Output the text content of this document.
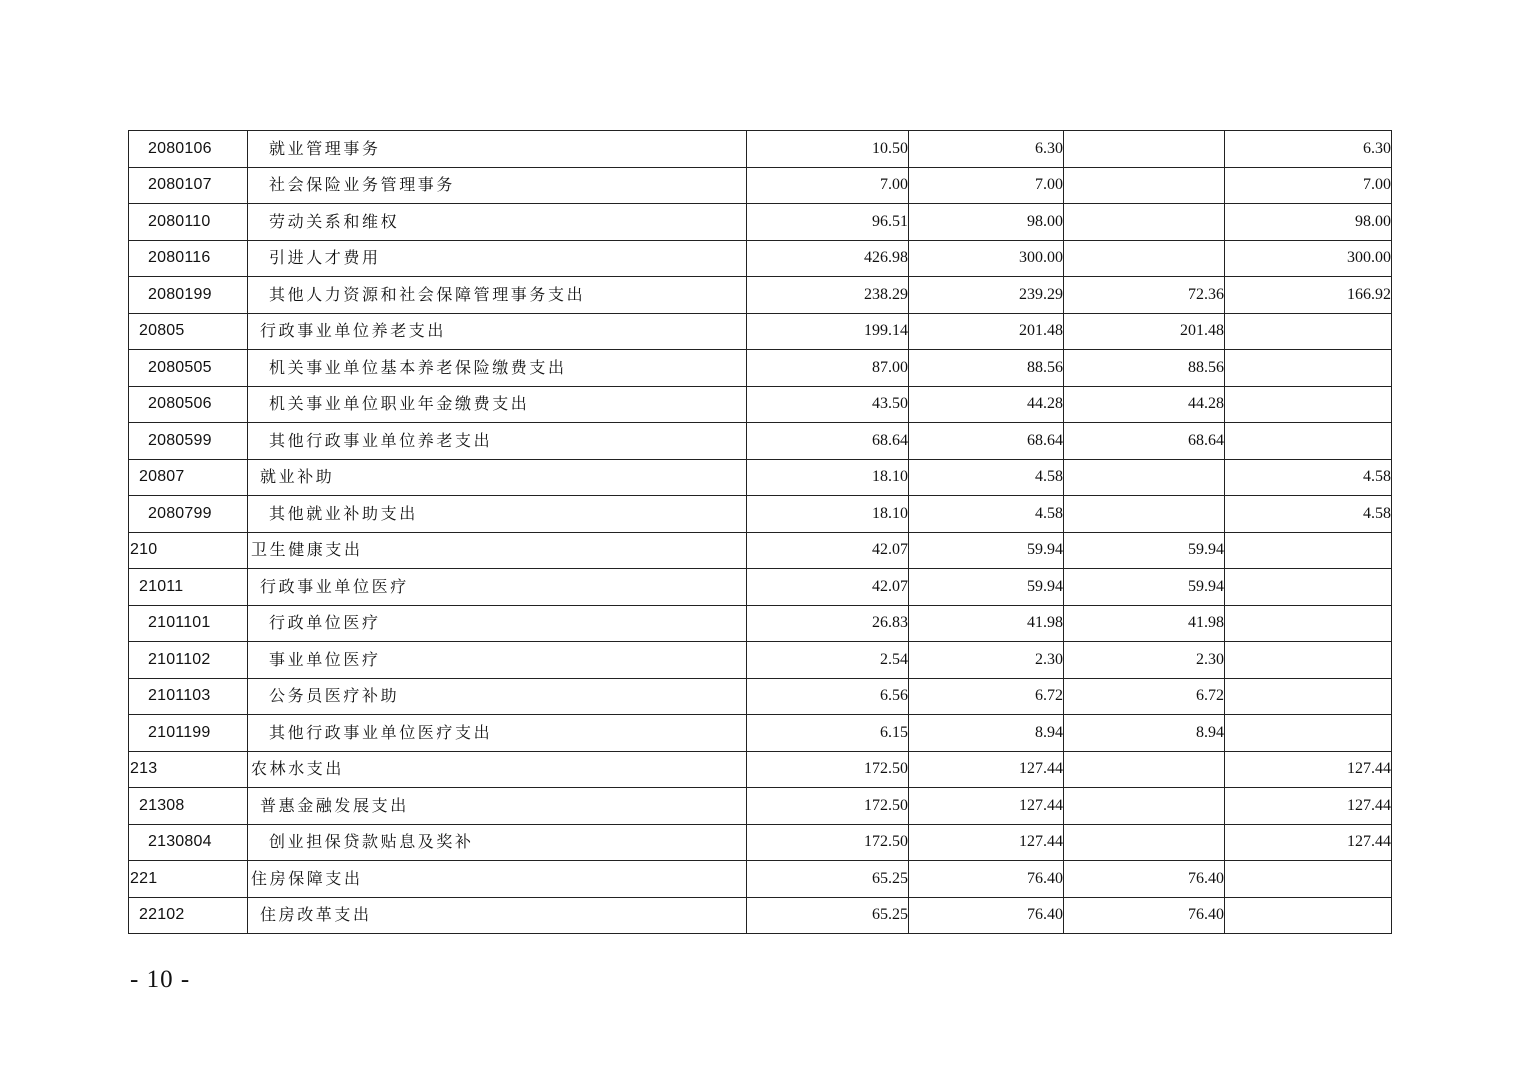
2080106	就业管理事务	10.50	6.30		6.30
2080107	社会保险业务管理事务	7.00	7.00		7.00
2080110	劳动关系和维权	96.51	98.00		98.00
2080116	引进人才费用	426.98	300.00		300.00
2080199	其他人力资源和社会保障管理事务支出	238.29	239.29	72.36	166.92
20805	行政事业单位养老支出	199.14	201.48	201.48	
2080505	机关事业单位基本养老保险缴费支出	87.00	88.56	88.56	
2080506	机关事业单位职业年金缴费支出	43.50	44.28	44.28	
2080599	其他行政事业单位养老支出	68.64	68.64	68.64	
20807	就业补助	18.10	4.58		4.58
2080799	其他就业补助支出	18.10	4.58		4.58
210	卫生健康支出	42.07	59.94	59.94	
21011	行政事业单位医疗	42.07	59.94	59.94	
2101101	行政单位医疗	26.83	41.98	41.98	
2101102	事业单位医疗	2.54	2.30	2.30	
2101103	公务员医疗补助	6.56	6.72	6.72	
2101199	其他行政事业单位医疗支出	6.15	8.94	8.94	
213	农林水支出	172.50	127.44		127.44
21308	普惠金融发展支出	172.50	127.44		127.44
2130804	创业担保贷款贴息及奖补	172.50	127.44		127.44
221	住房保障支出	65.25	76.40	76.40	
22102	住房改革支出	65.25	76.40	76.40	
- 10 -
